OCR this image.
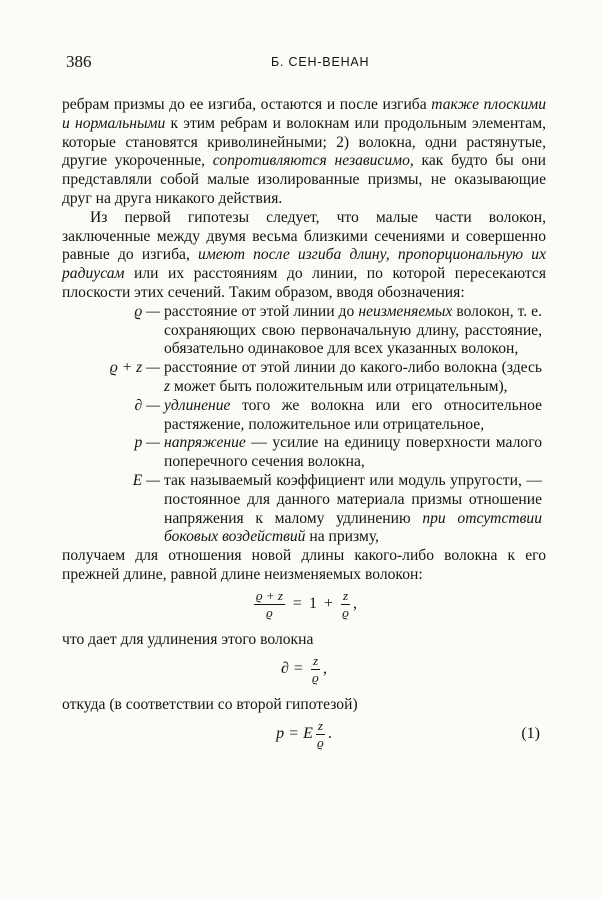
386	Б. СЕН-ВЕНАН

ребрам призмы до ее изгиба, остаются и после изгиба также плоскими и нормальными к этим ребрам и волокнам или продольным элементам, которые становятся криволинейными; 2) волокна, одни растянутые, другие укороченные, сопротивляются независимо, как будто бы они представляли собой малые изолированные призмы, не оказывающие друг на друга никакого действия.

Из первой гипотезы следует, что малые части волокон, заключенные между двумя весьма близкими сечениями и совершенно равные до изгиба, имеют после изгиба длину, пропорциональную их радиусам или их расстояниям до линии, по которой пересекаются плоскости этих сечений. Таким образом, вводя обозначения:

ϱ — расстояние от этой линии до неизменяемых волокон, т. е. сохраняющих свою первоначальную длину, расстояние, обязательно одинаковое для всех указанных волокон,
ϱ + z — расстояние от этой линии до какого-либо волокна (здесь z может быть положительным или отрицательным),
∂ — удлинение того же волокна или его относительное растяжение, положительное или отрицательное,
p — напряжение — усилие на единицу поверхности малого поперечного сечения волокна,
E — так называемый коэффициент или модуль упругости, — постоянное для данного материала призмы отношение напряжения к малому удлинению при отсутствии боковых воздействий на призму,

получаем для отношения новой длины какого-либо волокна к его прежней длине, равной длине неизменяемых волокон:

$\frac{ϱ + z}{ϱ} = 1 + \frac{z}{ϱ}$ ,

что дает для удлинения этого волокна

∂ = $\frac{z}{ϱ}$ ,

откуда (в соответствии со второй гипотезой)

p = E $\frac{z}{ϱ}$ .	(1)
